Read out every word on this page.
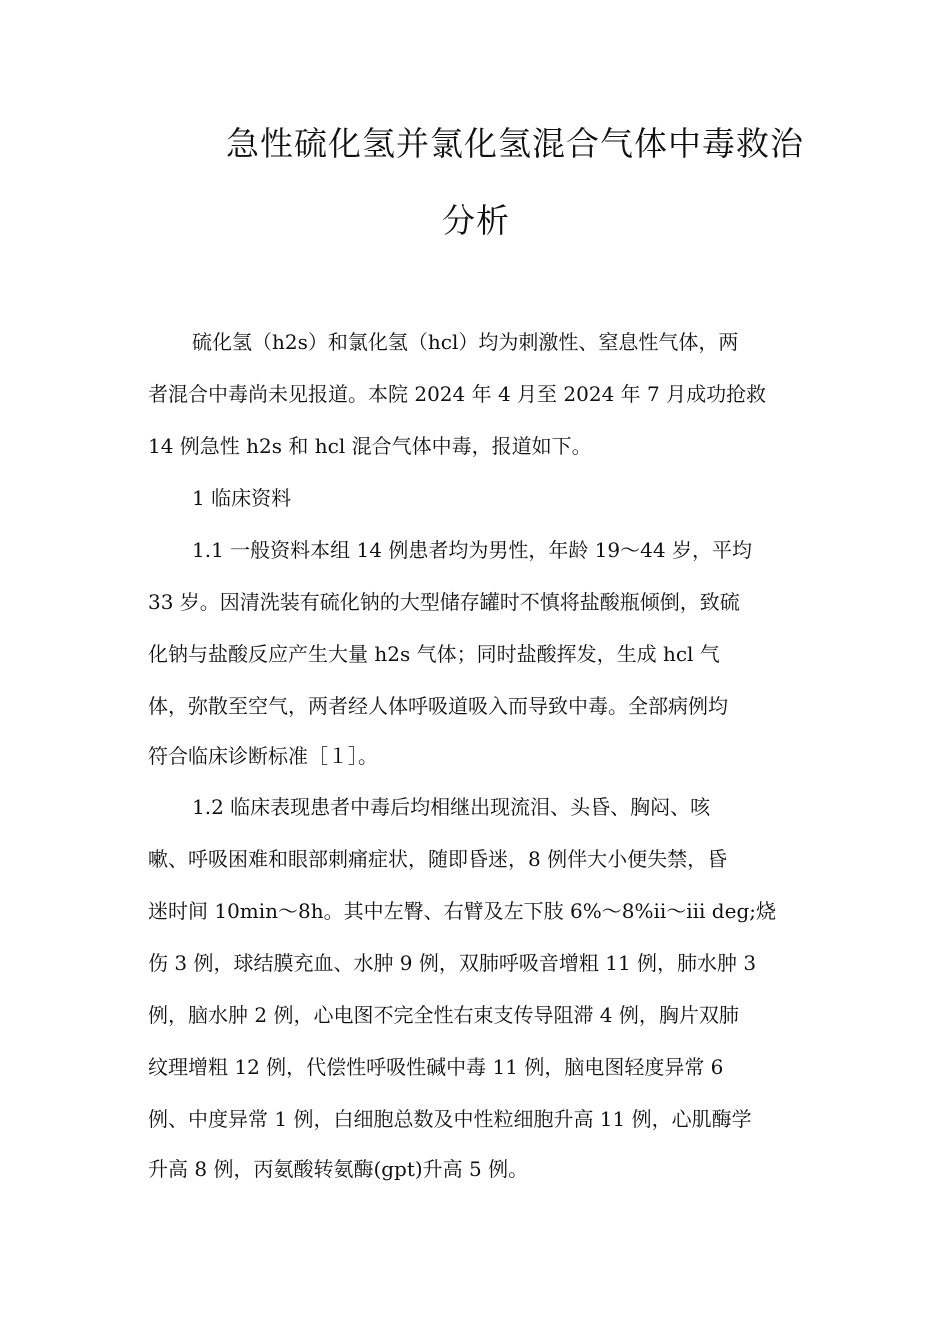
急性硫化氢并氯化氢混合气体中毒救治
分析
硫化氢（h2s）和氯化氢（hcl）均为刺激性、窒息性气体，两
者混合中毒尚未见报道。本院 2024 年 4 月至 2024 年 7 月成功抢救
14 例急性 h2s 和 hcl 混合气体中毒，报道如下。
1 临床资料
1.1 一般资料本组 14 例患者均为男性，年龄 19～44 岁，平均
33 岁。因清洗装有硫化钠的大型储存罐时不慎将盐酸瓶倾倒，致硫
化钠与盐酸反应产生大量 h2s 气体；同时盐酸挥发，生成 hcl 气
体，弥散至空气，两者经人体呼吸道吸入而导致中毒。全部病例均
符合临床诊断标准［１］。
1.2 临床表现患者中毒后均相继出现流泪、头昏、胸闷、咳
嗽、呼吸困难和眼部刺痛症状，随即昏迷，8 例伴大小便失禁，昏
迷时间 10min～8h。其中左臀、右臂及左下肢 6%～8%ii～iii deg;烧
伤 3 例，球结膜充血、水肿 9 例，双肺呼吸音增粗 11 例，肺水肿 3
例，脑水肿 2 例，心电图不完全性右束支传导阻滞 4 例，胸片双肺
纹理增粗 12 例，代偿性呼吸性碱中毒 11 例，脑电图轻度异常 6
例、中度异常 1 例，白细胞总数及中性粒细胞升高 11 例，心肌酶学
升高 8 例，丙氨酸转氨酶(gpt)升高 5 例。
